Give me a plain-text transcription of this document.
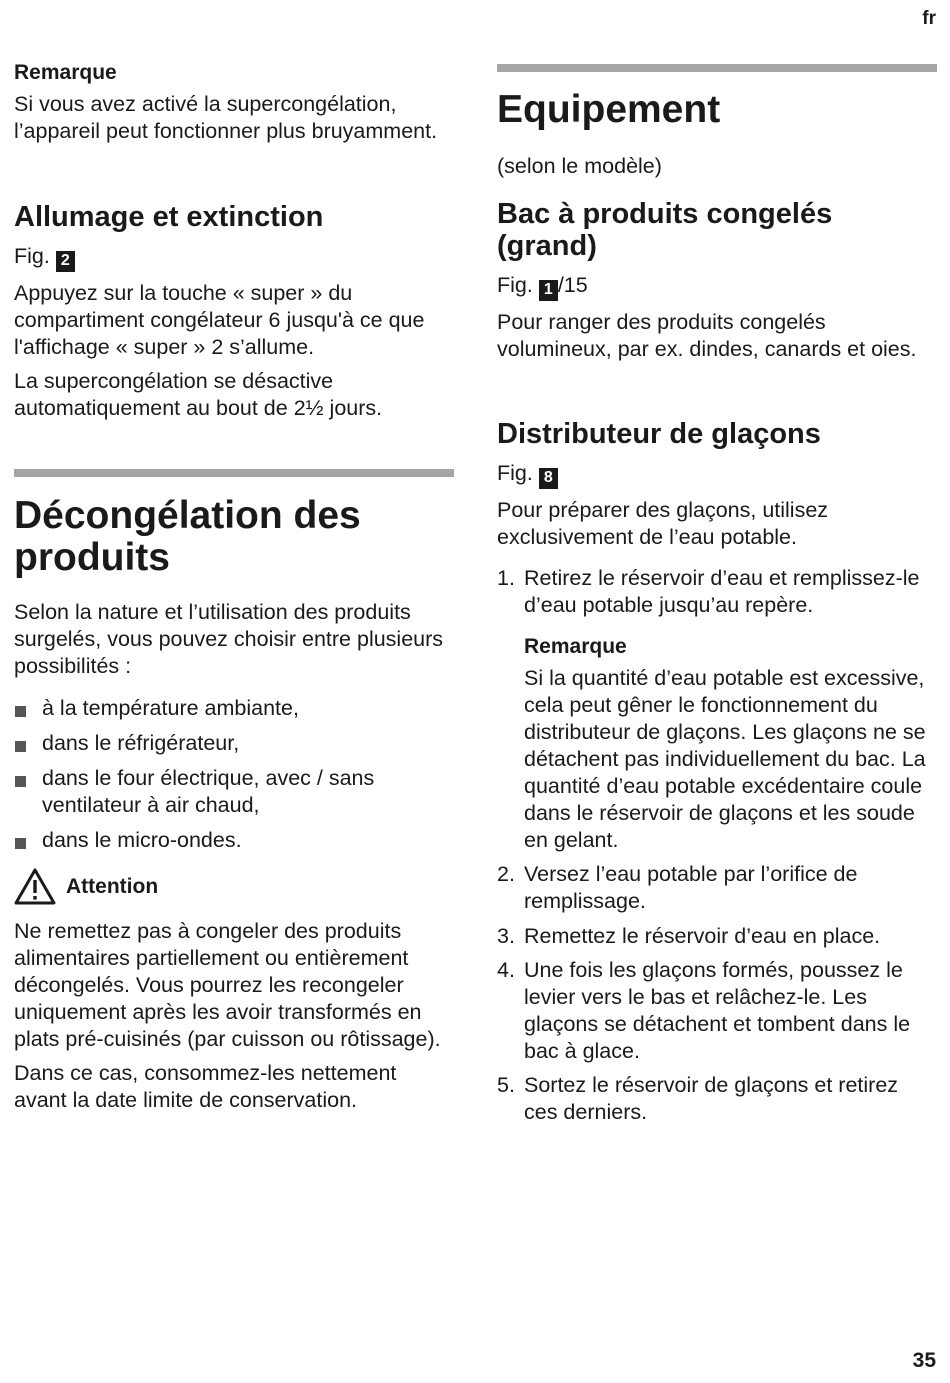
fr
Remarque

Si vous avez activé la supercongélation, l’appareil peut fonctionner plus bruyamment.

Allumage et extinction

Fig. 2

Appuyez sur la touche « super » du compartiment congélateur 6 jusqu'à ce que l'affichage « super » 2 s’allume.

La supercongélation se désactive automatiquement au bout de 2½ jours.

Décongélation des produits

Selon la nature et l’utilisation des produits surgelés, vous pouvez choisir entre plusieurs possibilités :

à la température ambiante,
dans le réfrigérateur,
dans le four électrique, avec / sans ventilateur à air chaud,
dans le micro-ondes.
Attention

Ne remettez pas à congeler des produits alimentaires partiellement ou entièrement décongelés. Vous pourrez les recongeler uniquement après les avoir transformés en plats pré-cuisinés (par cuisson ou rôtissage).

Dans ce cas, consommez-les nettement avant la date limite de conservation.

Equipement

(selon le modèle)

Bac à produits congelés (grand)

Fig. 1 /15

Pour ranger des produits congelés volumineux, par ex. dindes, canards et oies.

Distributeur de glaçons

Fig. 8

Pour préparer des glaçons, utilisez exclusivement de l’eau potable.

1. Retirez le réservoir d’eau et remplissez-le d’eau potable jusqu’au repère.
Remarque

Si la quantité d’eau potable est excessive, cela peut gêner le fonctionnement du distributeur de glaçons. Les glaçons ne se détachent pas individuellement du bac. La quantité d’eau potable excédentaire coule dans le réservoir de glaçons et les soude en gelant.

2. Versez l’eau potable par l’orifice de remplissage.
3. Remettez le réservoir d’eau en place.
4. Une fois les glaçons formés, poussez le levier vers le bas et relâchez-le. Les glaçons se détachent et tombent dans le bac à glace.
5. Sortez le réservoir de glaçons et retirez ces derniers.
35
